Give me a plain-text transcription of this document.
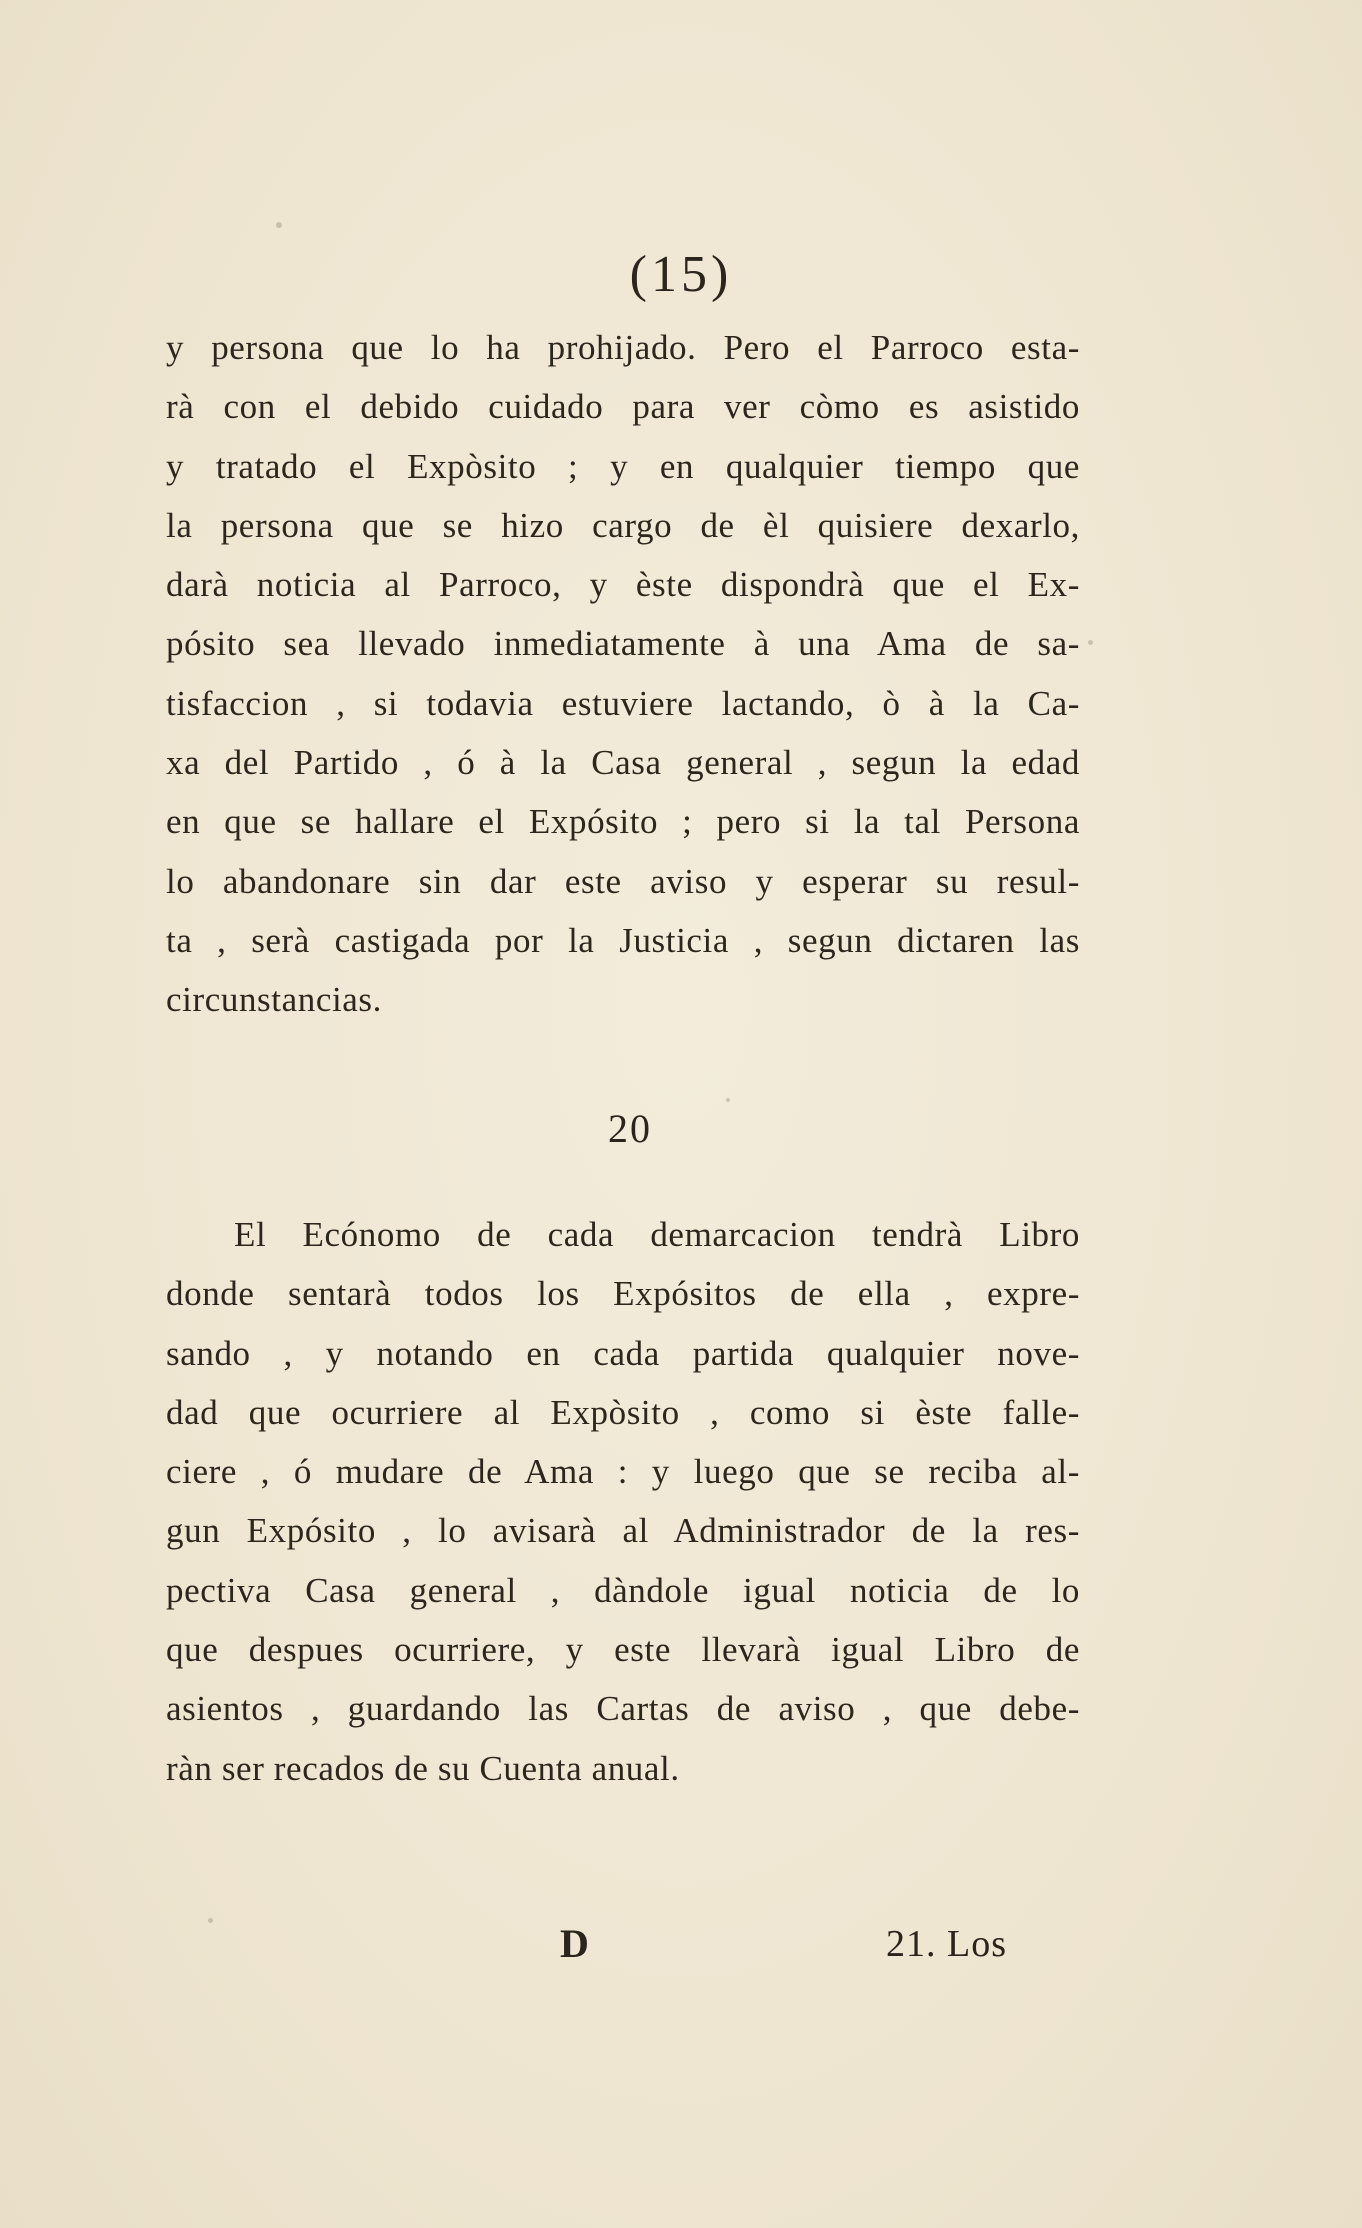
(15)

y persona que lo ha prohijado. Pero el Parroco esta-
rà con el debido cuidado para ver còmo es asistido
y tratado el Expòsito ; y en qualquier tiempo que
la persona que se hizo cargo de èl quisiere dexarlo,
darà noticia al Parroco, y èste dispondrà que el Ex-
pósito sea llevado inmediatamente à una Ama de sa-
tisfaccion , si todavia estuviere lactando, ò à la Ca-
xa del Partido , ó à la Casa general , segun la edad
en que se hallare el Expósito ; pero si la tal Persona
lo abandonare sin dar este aviso y esperar su resul-
ta , serà castigada por la Justicia , segun dictaren las
circunstancias.

20

El Ecónomo de cada demarcacion tendrà Libro
donde sentarà todos los Expósitos de ella , expre-
sando , y notando en cada partida qualquier nove-
dad que ocurriere al Expòsito , como si èste falle-
ciere , ó mudare de Ama : y luego que se reciba al-
gun Expósito , lo avisarà al Administrador de la res-
pectiva Casa general , dàndole igual noticia de lo
que despues ocurriere, y este llevarà igual Libro de
asientos , guardando las Cartas de aviso , que debe-
ràn ser recados de su Cuenta anual.

D	21. Los
